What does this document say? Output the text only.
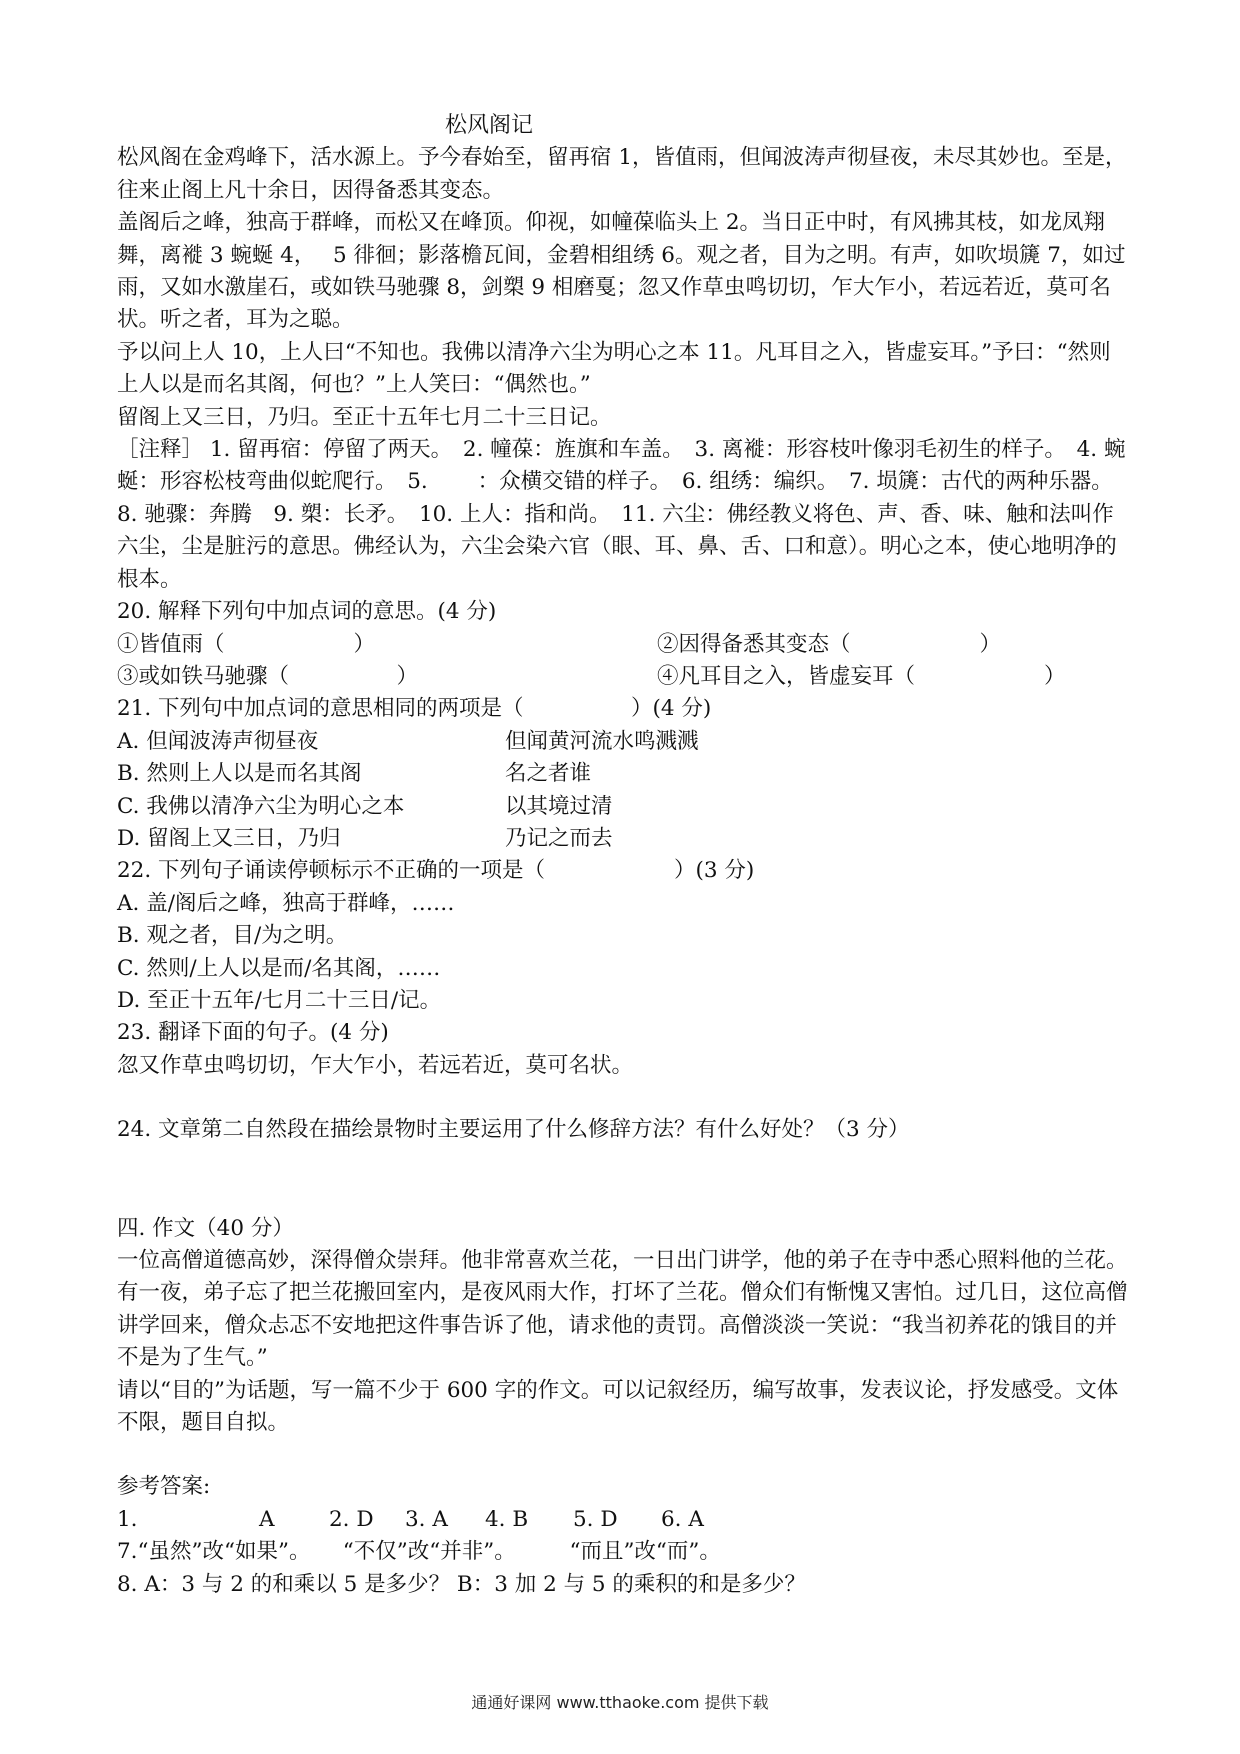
松风阁记

松风阁在金鸡峰下，活水源上。予今春始至，留再宿 1，皆值雨，但闻波涛声彻昼夜，未尽其妙也。至是，往来止阁上凡十余日，因得备悉其变态。

盖阁后之峰，独高于群峰，而松又在峰顶。仰视，如幢葆临头上 2。当日正中时，有风拂其枝，如龙凤翔舞，离褷 3 蜿蜒 4，　 5 徘徊；影落檐瓦间，金碧相组绣 6。观之者，目为之明。有声，如吹埙篪 7，如过雨，又如水激崖石，或如铁马驰骤 8，剑槊 9 相磨戛；忽又作草虫鸣切切，乍大乍小，若远若近，莫可名状。听之者，耳为之聪。

予以问上人 10，上人曰“不知也。我佛以清净六尘为明心之本 11。凡耳目之入，皆虚妄耳。”予曰：“然则上人以是而名其阁，何也？”上人笑曰：“偶然也。”

留阁上又三日，乃归。至正十五年七月二十三日记。

［注释］ 1. 留再宿：停留了两天。　2. 幢葆：旌旗和车盖。　3. 离褷：形容枝叶像羽毛初生的样子。　4. 蜿蜒：形容松枝弯曲似蛇爬行。　5. 　　：众横交错的样子。　6. 组绣：编织。　7. 埙篪：古代的两种乐器。　8. 驰骤：奔腾　9. 槊：长矛。　10. 上人：指和尚。　11. 六尘：佛经教义将色、声、香、味、触和法叫作六尘，尘是脏污的意思。佛经认为，六尘会染六官（眼、耳、鼻、舌、口和意）。明心之本，使心地明净的根本。

20. 解释下列句中加点词的意思。(4 分)

①皆值雨（　　　　　　）	②因得备悉其变态（　　　　　　）
③或如铁马驰骤（　　　　　）	④凡耳目之入，皆虚妄耳（　　　　　　）

21. 下列句中加点词的意思相同的两项是（　　　　　）(4 分)

A. 但闻波涛声彻昼夜	但闻黄河流水鸣溅溅
B. 然则上人以是而名其阁	名之者谁
C. 我佛以清净六尘为明心之本	以其境过清
D. 留阁上又三日，乃归	乃记之而去

22. 下列句子诵读停顿标示不正确的一项是（　　　　　　）(3 分)

A. 盖/阁后之峰，独高于群峰，……

B. 观之者，目/为之明。

C. 然则/上人以是而/名其阁，……

D. 至正十五年/七月二十三日/记。

23. 翻译下面的句子。(4 分)

忽又作草虫鸣切切，乍大乍小，若远若近，莫可名状。

24. 文章第二自然段在描绘景物时主要运用了什么修辞方法？有什么好处？（3 分）

四. 作文（40 分）

一位高僧道德高妙，深得僧众崇拜。他非常喜欢兰花，一日出门讲学，他的弟子在寺中悉心照料他的兰花。有一夜，弟子忘了把兰花搬回室内，是夜风雨大作，打坏了兰花。僧众们有惭愧又害怕。过几日，这位高僧讲学回来，僧众忐忑不安地把这件事告诉了他，请求他的责罚。高僧淡淡一笑说：“我当初养花的饿目的并不是为了生气。”

请以“目的”为话题，写一篇不少于 600 字的作文。可以记叙经历，编写故事，发表议论，抒发感受。文体不限，题目自拟。

参考答案:

1.	A	2. D	3. A	4. B	5. D	6. A

7.“虽然”改“如果”。　　“不仅”改“并非”。　　　“而且”改“而”。

8. A：3 与 2 的和乘以 5 是多少？ B：3 加 2 与 5 的乘积的和是多少？

通通好课网 www.tthaoke.com 提供下载
